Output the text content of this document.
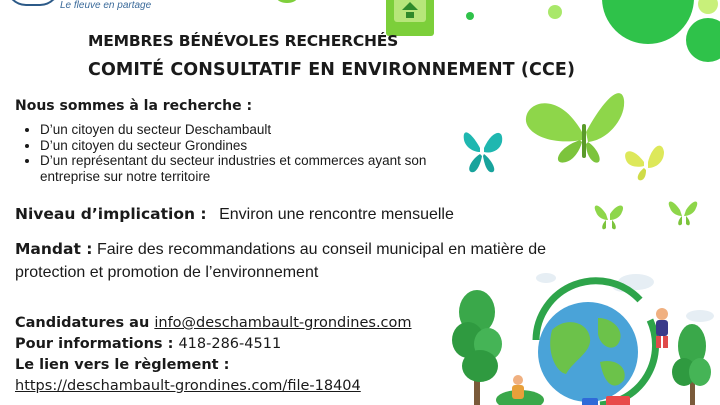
Le fleuve en partage
MEMBRES BÉNÉVOLES RECHERCHÉS
COMITÉ CONSULTATIF EN ENVIRONNEMENT (CCE)
Nous sommes à la recherche :
• D’un citoyen du secteur Deschambault
• D’un citoyen du secteur Grondines
• D’un représentant du secteur industries et commerces ayant son entreprise sur notre territoire
Niveau d’implication : Environ une rencontre mensuelle
Mandat : Faire des recommandations au conseil municipal en matière de protection et promotion de l’environnement
Candidatures au info@deschambault-grondines.com
Pour informations : 418-286-4511
Le lien vers le règlement :
https://deschambault-grondines.com/file-18404
